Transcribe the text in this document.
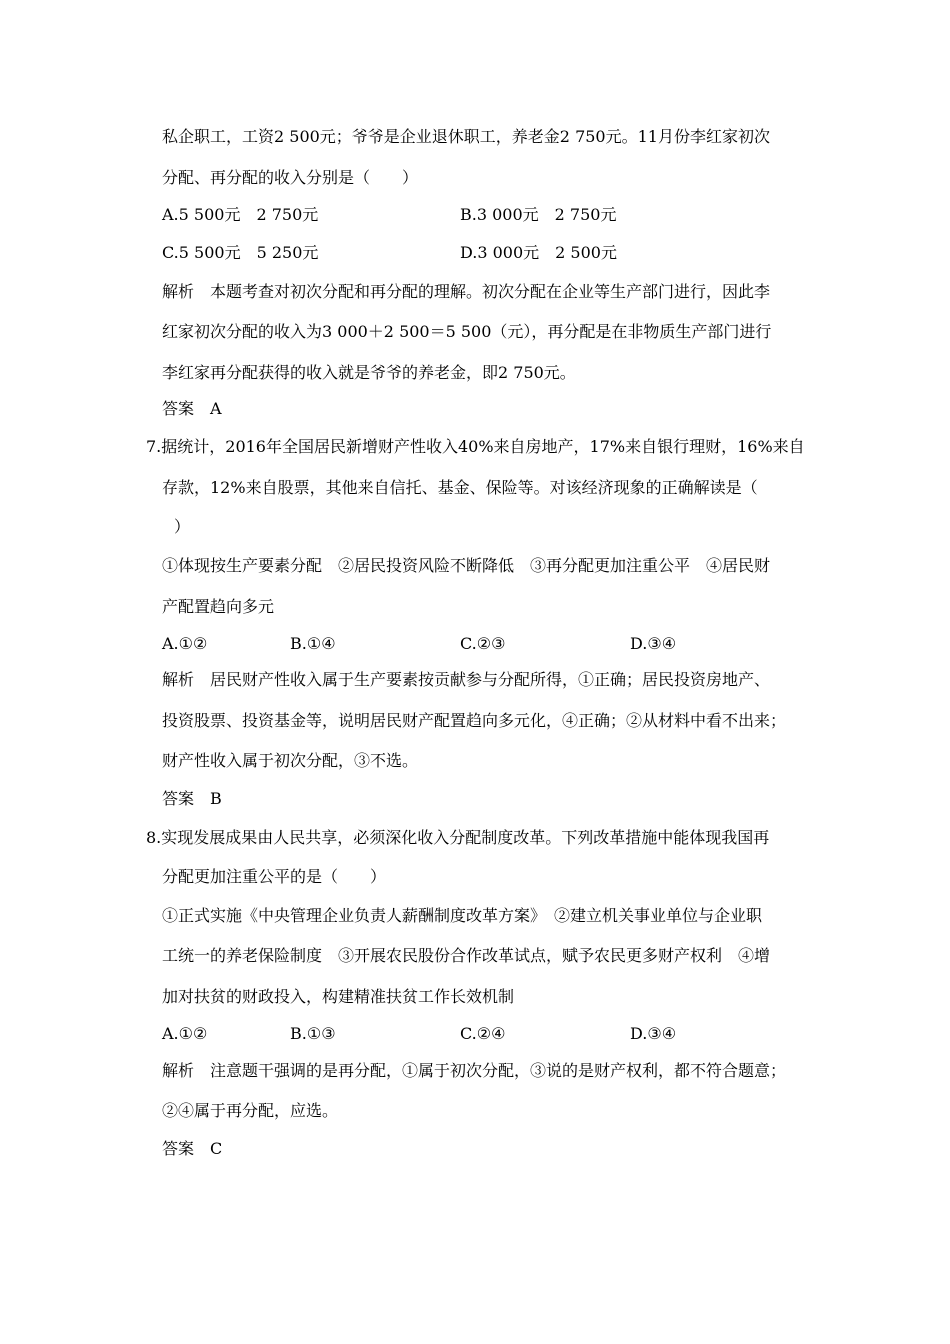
私企职工，工资2 500元；爷爷是企业退休职工，养老金2 750元。11月份李红家初次
分配、再分配的收入分别是（　　）
A.5 500元　2 750元	B.3 000元　2 750元
C.5 500元　5 250元	D.3 000元　2 500元
解析　本题考查对初次分配和再分配的理解。初次分配在企业等生产部门进行，因此李
红家初次分配的收入为3 000＋2 500＝5 500（元），再分配是在非物质生产部门进行
李红家再分配获得的收入就是爷爷的养老金，即2 750元。
答案　A
7.据统计，2016年全国居民新增财产性收入40%来自房地产，17%来自银行理财，16%来自
存款，12%来自股票，其他来自信托、基金、保险等。对该经济现象的正确解读是（
）
①体现按生产要素分配　②居民投资风险不断降低　③再分配更加注重公平　④居民财
产配置趋向多元
A.①②	B.①④	C.②③	D.③④
解析　居民财产性收入属于生产要素按贡献参与分配所得，①正确；居民投资房地产、
投资股票、投资基金等，说明居民财产配置趋向多元化，④正确；②从材料中看不出来；
财产性收入属于初次分配，③不选。
答案　B
8.实现发展成果由人民共享，必须深化收入分配制度改革。下列改革措施中能体现我国再
分配更加注重公平的是（　　）
①正式实施《中央管理企业负责人薪酬制度改革方案》　②建立机关事业单位与企业职
工统一的养老保险制度　③开展农民股份合作改革试点，赋予农民更多财产权利　④增
加对扶贫的财政投入，构建精准扶贫工作长效机制
A.①②	B.①③	C.②④	D.③④
解析　注意题干强调的是再分配，①属于初次分配，③说的是财产权利，都不符合题意；
②④属于再分配，应选。
答案　C
